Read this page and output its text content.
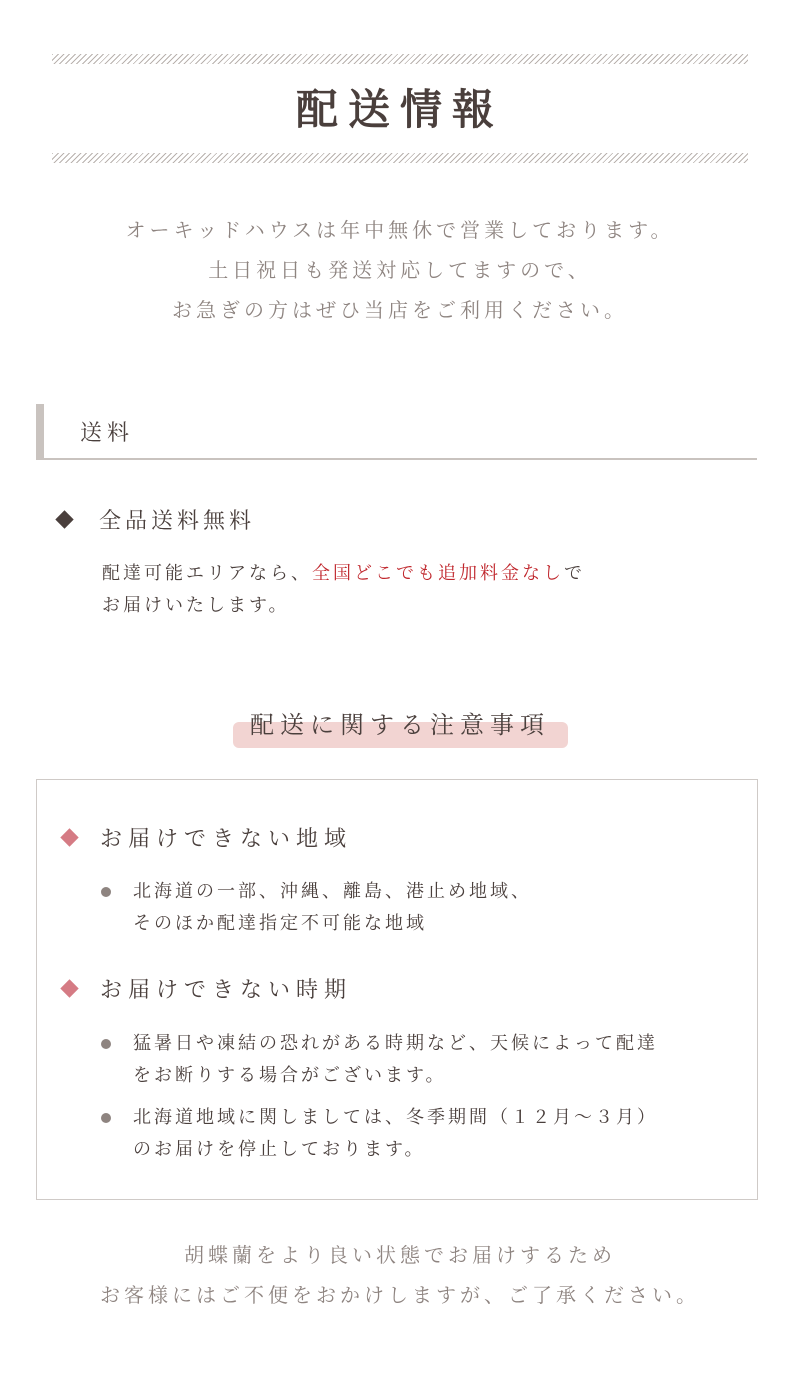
配送情報
オーキッドハウスは年中無休で営業しております。
土日祝日も発送対応してますので、
お急ぎの方はぜひ当店をご利用ください。
送料
全品送料無料
配達可能エリアなら、全国どこでも追加料金なしで
お届けいたします。
配送に関する注意事項
お届けできない地域
北海道の一部、沖縄、離島、港止め地域、
そのほか配達指定不可能な地域
お届けできない時期
猛暑日や凍結の恐れがある時期など、天候によって配達
をお断りする場合がございます。
北海道地域に関しましては、冬季期間（１２月～３月）
のお届けを停止しております。
胡蝶蘭をより良い状態でお届けするため
お客様にはご不便をおかけしますが、ご了承ください。
